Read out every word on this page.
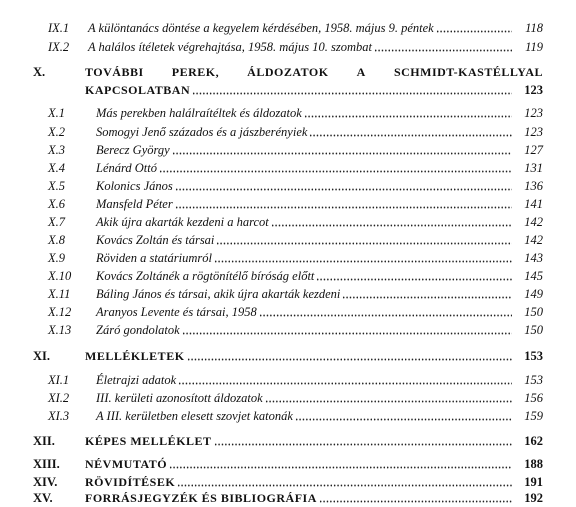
IX.1	A különtanács döntése a kegyelem kérdésében, 1958. május 9. péntek	118
IX.2	A halálos ítéletek végrehajtása, 1958. május 10. szombat	119
X.	TOVÁBBI PEREK, ÁLDOZATOK A SCHMIDT-KASTÉLLYAL
KAPCSOLATBAN	123
X.1	Más perekben halálraítéltek és áldozatok	123
X.2	Somogyi Jenő százados és a jászberényiek	123
X.3	Berecz György	127
X.4	Lénárd Ottó	131
X.5	Kolonics János	136
X.6	Mansfeld Péter	141
X.7	Akik újra akarták kezdeni a harcot	142
X.8	Kovács Zoltán és társai	142
X.9	Röviden a statáriumról	143
X.10	Kovács Zoltánék a rögtönítélő bíróság előtt	145
X.11	Báling János és társai, akik újra akarták kezdeni	149
X.12	Aranyos Levente és társai, 1958	150
X.13	Záró gondolatok	150
XI.	MELLÉKLETEK	153
XI.1	Életrajzi adatok	153
XI.2	III. kerületi azonosított áldozatok	156
XI.3	A III. kerületben elesett szovjet katonák	159
XII.	KÉPES MELLÉKLET	162
XIII.	NÉVMUTATÓ	188
XIV.	RÖVIDÍTÉSEK	191
XV.	FORRÁSJEGYZÉK ÉS BIBLIOGRÁFIA	192
